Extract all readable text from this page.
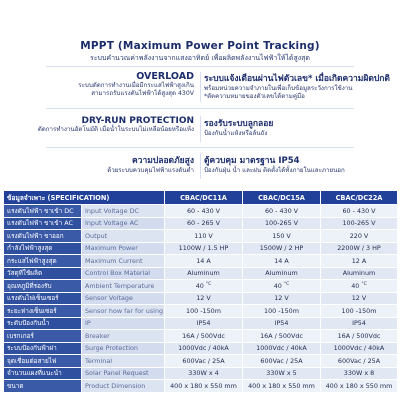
MPPT (Maximum Power Point Tracking)
ระบบคำนวณค่าพลังงานจากแสงอาทิตย์ เพื่อผลิตพลังงานไฟฟ้าให้ได้สูงสุด
OVERLOAD
ระบบตัดการทำงานเมื่อมีกระแสไฟฟ้าสูงเกิน
สามารถรับแรงดันไฟฟ้าได้สูงสุด 430V
ระบบแจ้งเตือนผ่านไฟตัวเลข* เมื่อเกิดความผิดปกติ
พร้อมหน่วยความจำภายในเพื่อเก็บข้อมูลระวังการใช้งาน
*ตัดความหมายของตัวเลขได้ตามคู่มือ
DRY-RUN PROTECTION
ตัดการทำงานอัตโนมัติ เมื่อน้ำในระบบไม่เหลือน้อยหรือแห้ง
รองรับระบบลูกลอย
ป้องกันน้ำแห้งหรือล้นถัง
ความปลอดภัยสูง
ด้วยระบบควบคุมไฟฟ้าแรงดันต่ำ
ตู้ควบคุม มาตรฐาน IP54
ป้องกันฝุ่น น้ำ และฝน ติดตั้งได้ทั้งภายในและภายนอก
ข้อมูลจำเพาะ (SPECIFICATION)		CBAC/DC11A	CBAC/DC15A	CBAC/DC22A
แรงดันไฟฟ้า ขาเข้า DC	Input Voltage DC	60 - 430 V	60 - 430 V	60 - 430 V
แรงดันไฟฟ้า ขาเข้า AC	Input Voltage AC	60 - 265 V	100-265 V	100-265 V
แรงดันไฟฟ้า ขาออก	Output	110 V	150 V	220 V
กำลังไฟฟ้าสูงสุด	Maximum Power	1100W / 1.5 HP	1500W / 2 HP	2200W / 3 HP
กระแสไฟฟ้าสูงสุด	Maximum Current	14 A	14 A	12 A
วัสดุที่ใช้ผลิต	Control Box Material	Aluminum	Aluminum	Aluminum
อุณหภูมิที่รองรับ	Ambient Temperature	40 $^{^\circ C}$	40 $^{^\circ C}$	40 $^{^\circ C}$
แรงดันไฟเซ็นเซอร์	Sensor Voltage	12 V	12 V	12 V
ระยะห่างเซ็นเซอร์	Sensor how far for using	100 -150m	100 -150m	100 -150m
ระดับป้องกันน้ำ	IP	IP54	IP54	IP54
เบรกเกอร์	Breaker	16A / 500Vdc	16A / 500Vdc	16A / 500Vdc
ระบบป้องกันฟ้าผ่า	Surge Protection	1000Vdc / 40kA	1000Vdc / 40kA	1000Vdc / 40kA
จุดเชื่อมต่อสายไฟ	Terminal	600Vac / 25A	600Vac / 25A	600Vac / 25A
จำนวนแผงที่แนะนำ	Solar Panel Request	330W x 4	330W x 5	330W x 8
ขนาด	Product Dimension	400 x 180 x 550 mm	400 x 180 x 550 mm	400 x 180 x 550 mm
